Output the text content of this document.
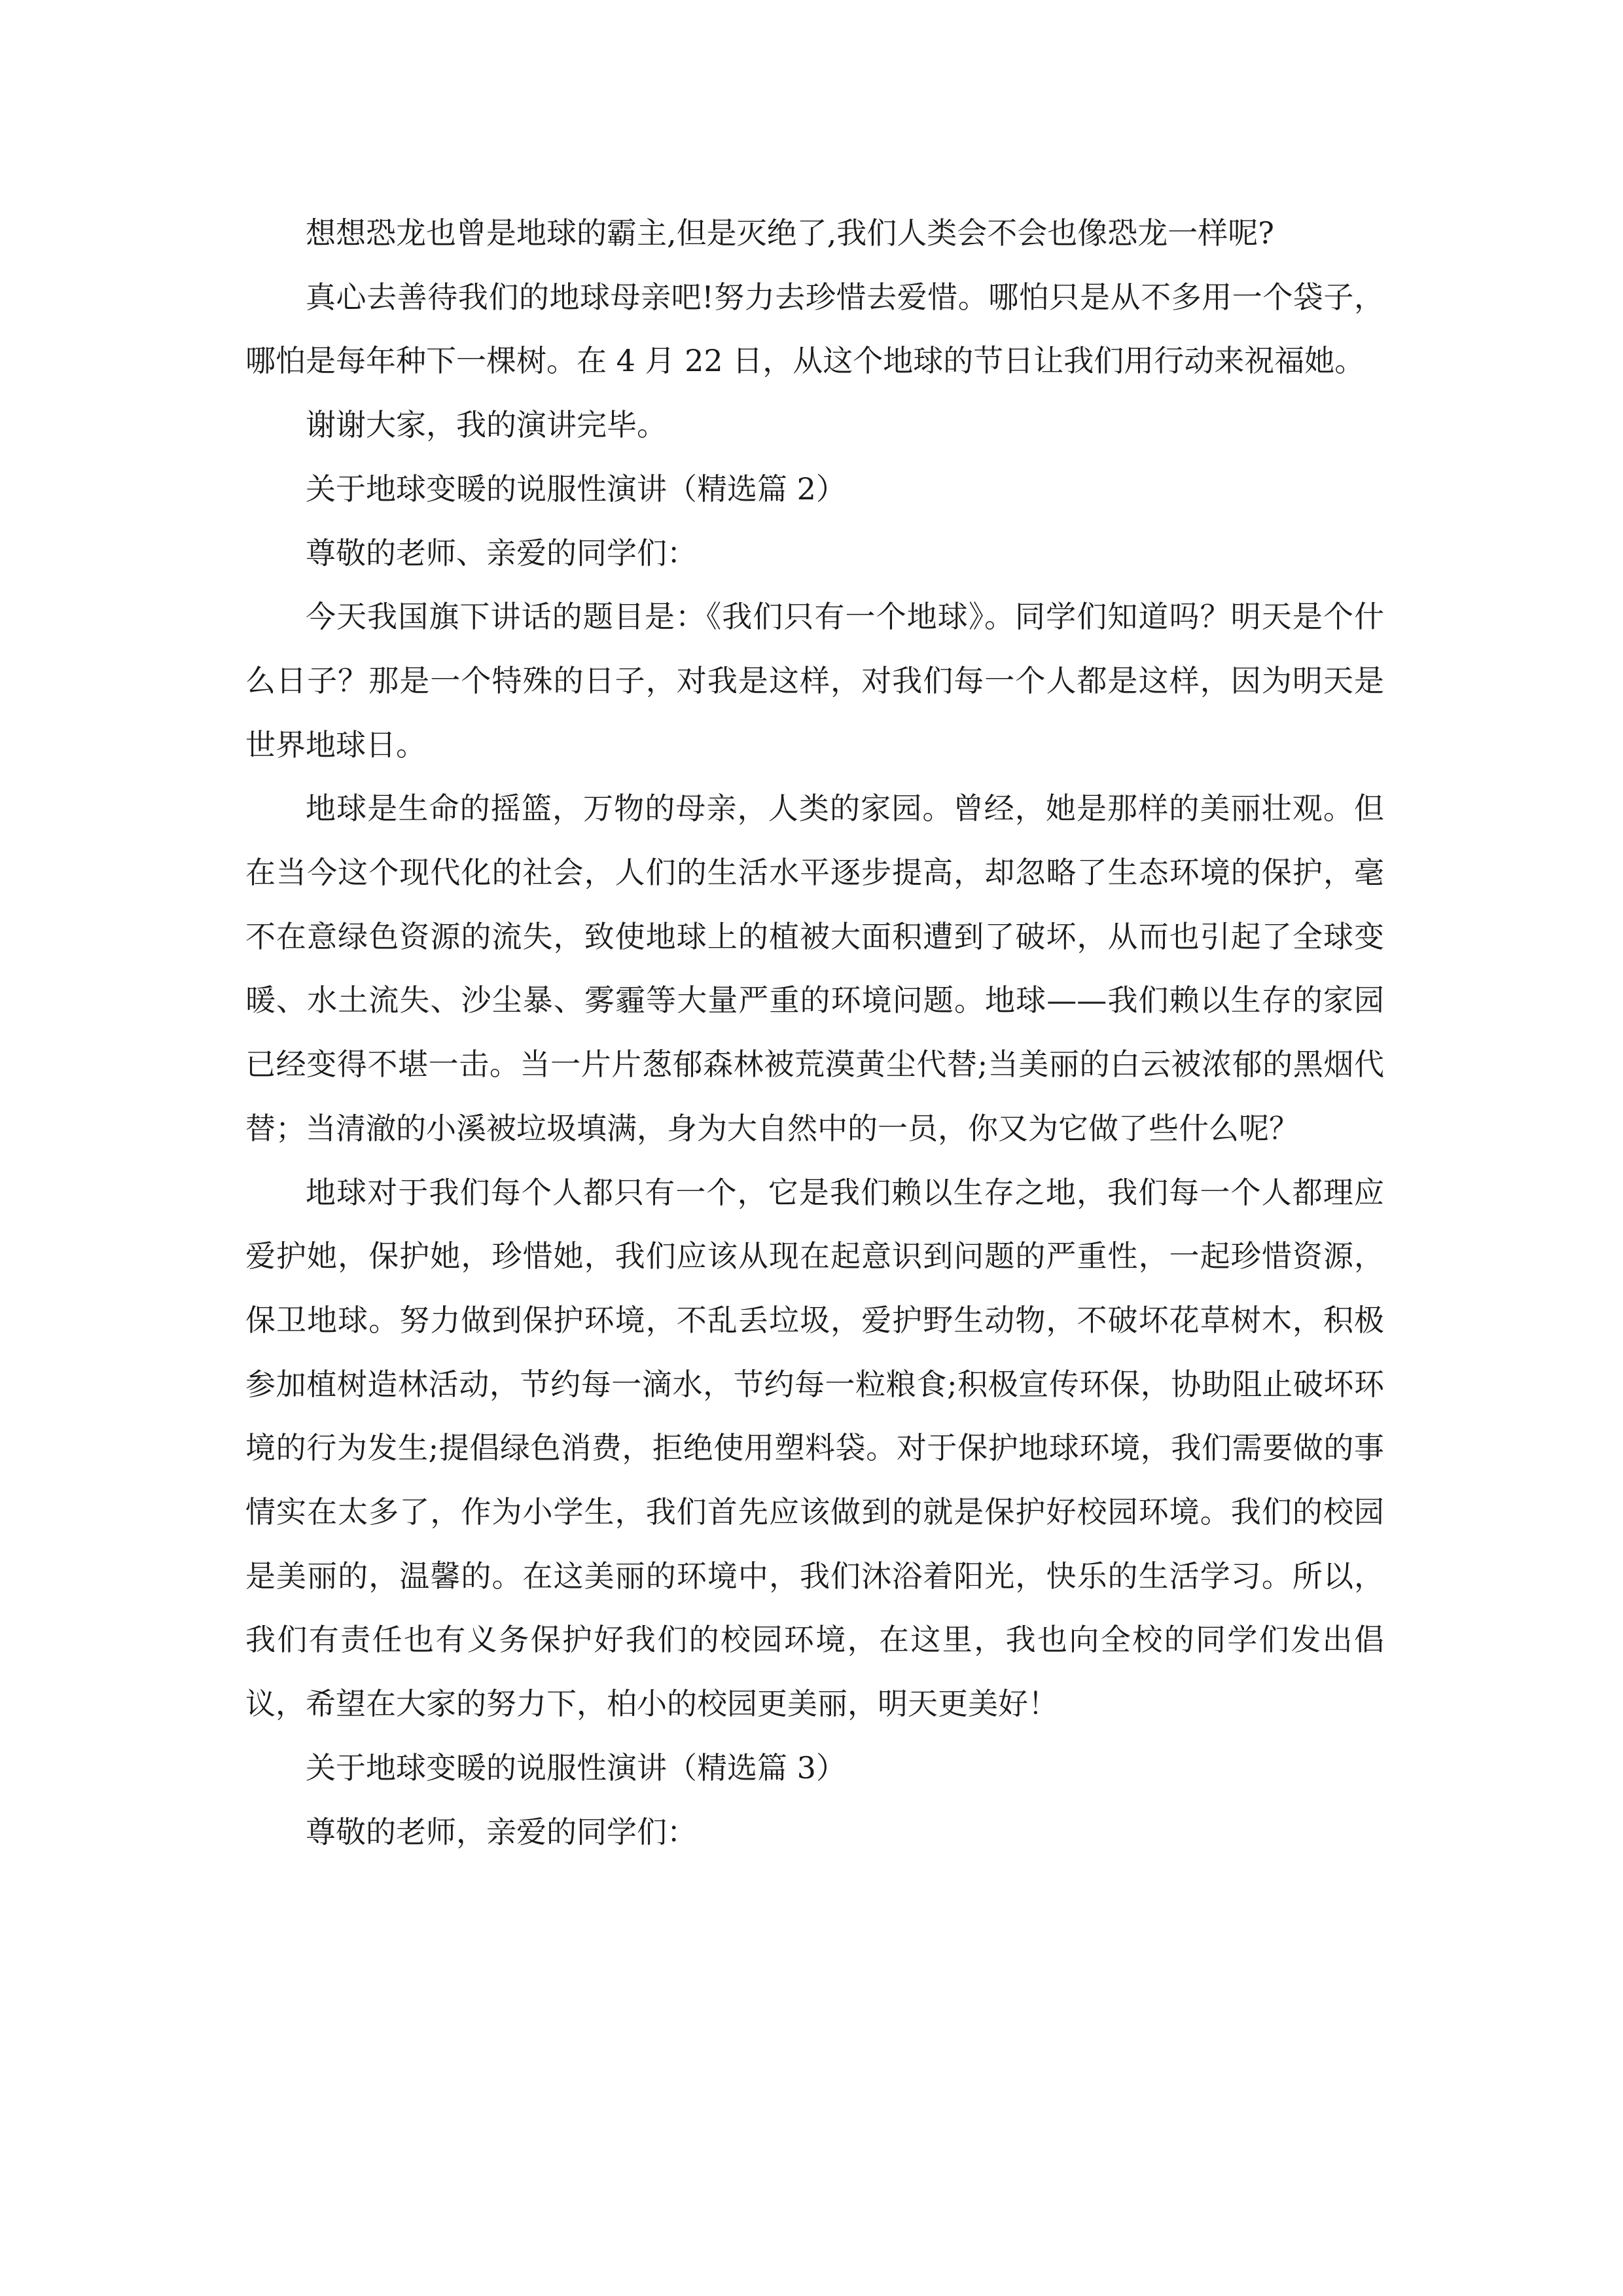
想想恐龙也曾是地球的霸主,但是灭绝了,我们人类会不会也像恐龙一样呢?

真心去善待我们的地球母亲吧!努力去珍惜去爱惜。哪怕只是从不多用一个袋子，哪怕是每年种下一棵树。在 4 月 22 日，从这个地球的节日让我们用行动来祝福她。

谢谢大家，我的演讲完毕。

关于地球变暖的说服性演讲（精选篇 2）

尊敬的老师、亲爱的同学们：

今天我国旗下讲话的题目是：《我们只有一个地球》。同学们知道吗？明天是个什么日子？那是一个特殊的日子，对我是这样，对我们每一个人都是这样，因为明天是世界地球日。

地球是生命的摇篮，万物的母亲，人类的家园。曾经，她是那样的美丽壮观。但在当今这个现代化的社会，人们的生活水平逐步提高，却忽略了生态环境的保护，毫不在意绿色资源的流失，致使地球上的植被大面积遭到了破坏，从而也引起了全球变暖、水土流失、沙尘暴、雾霾等大量严重的环境问题。地球——我们赖以生存的家园已经变得不堪一击。当一片片葱郁森林被荒漠黄尘代替;当美丽的白云被浓郁的黑烟代替；当清澈的小溪被垃圾填满，身为大自然中的一员，你又为它做了些什么呢？

地球对于我们每个人都只有一个，它是我们赖以生存之地，我们每一个人都理应爱护她，保护她，珍惜她，我们应该从现在起意识到问题的严重性，一起珍惜资源，保卫地球。努力做到保护环境，不乱丢垃圾，爱护野生动物，不破坏花草树木，积极参加植树造林活动，节约每一滴水，节约每一粒粮食;积极宣传环保，协助阻止破坏环境的行为发生;提倡绿色消费，拒绝使用塑料袋。对于保护地球环境，我们需要做的事情实在太多了，作为小学生，我们首先应该做到的就是保护好校园环境。我们的校园是美丽的，温馨的。在这美丽的环境中，我们沐浴着阳光，快乐的生活学习。所以，我们有责任也有义务保护好我们的校园环境，在这里，我也向全校的同学们发出倡议，希望在大家的努力下，柏小的校园更美丽，明天更美好！

关于地球变暖的说服性演讲（精选篇 3）

尊敬的老师，亲爱的同学们：
